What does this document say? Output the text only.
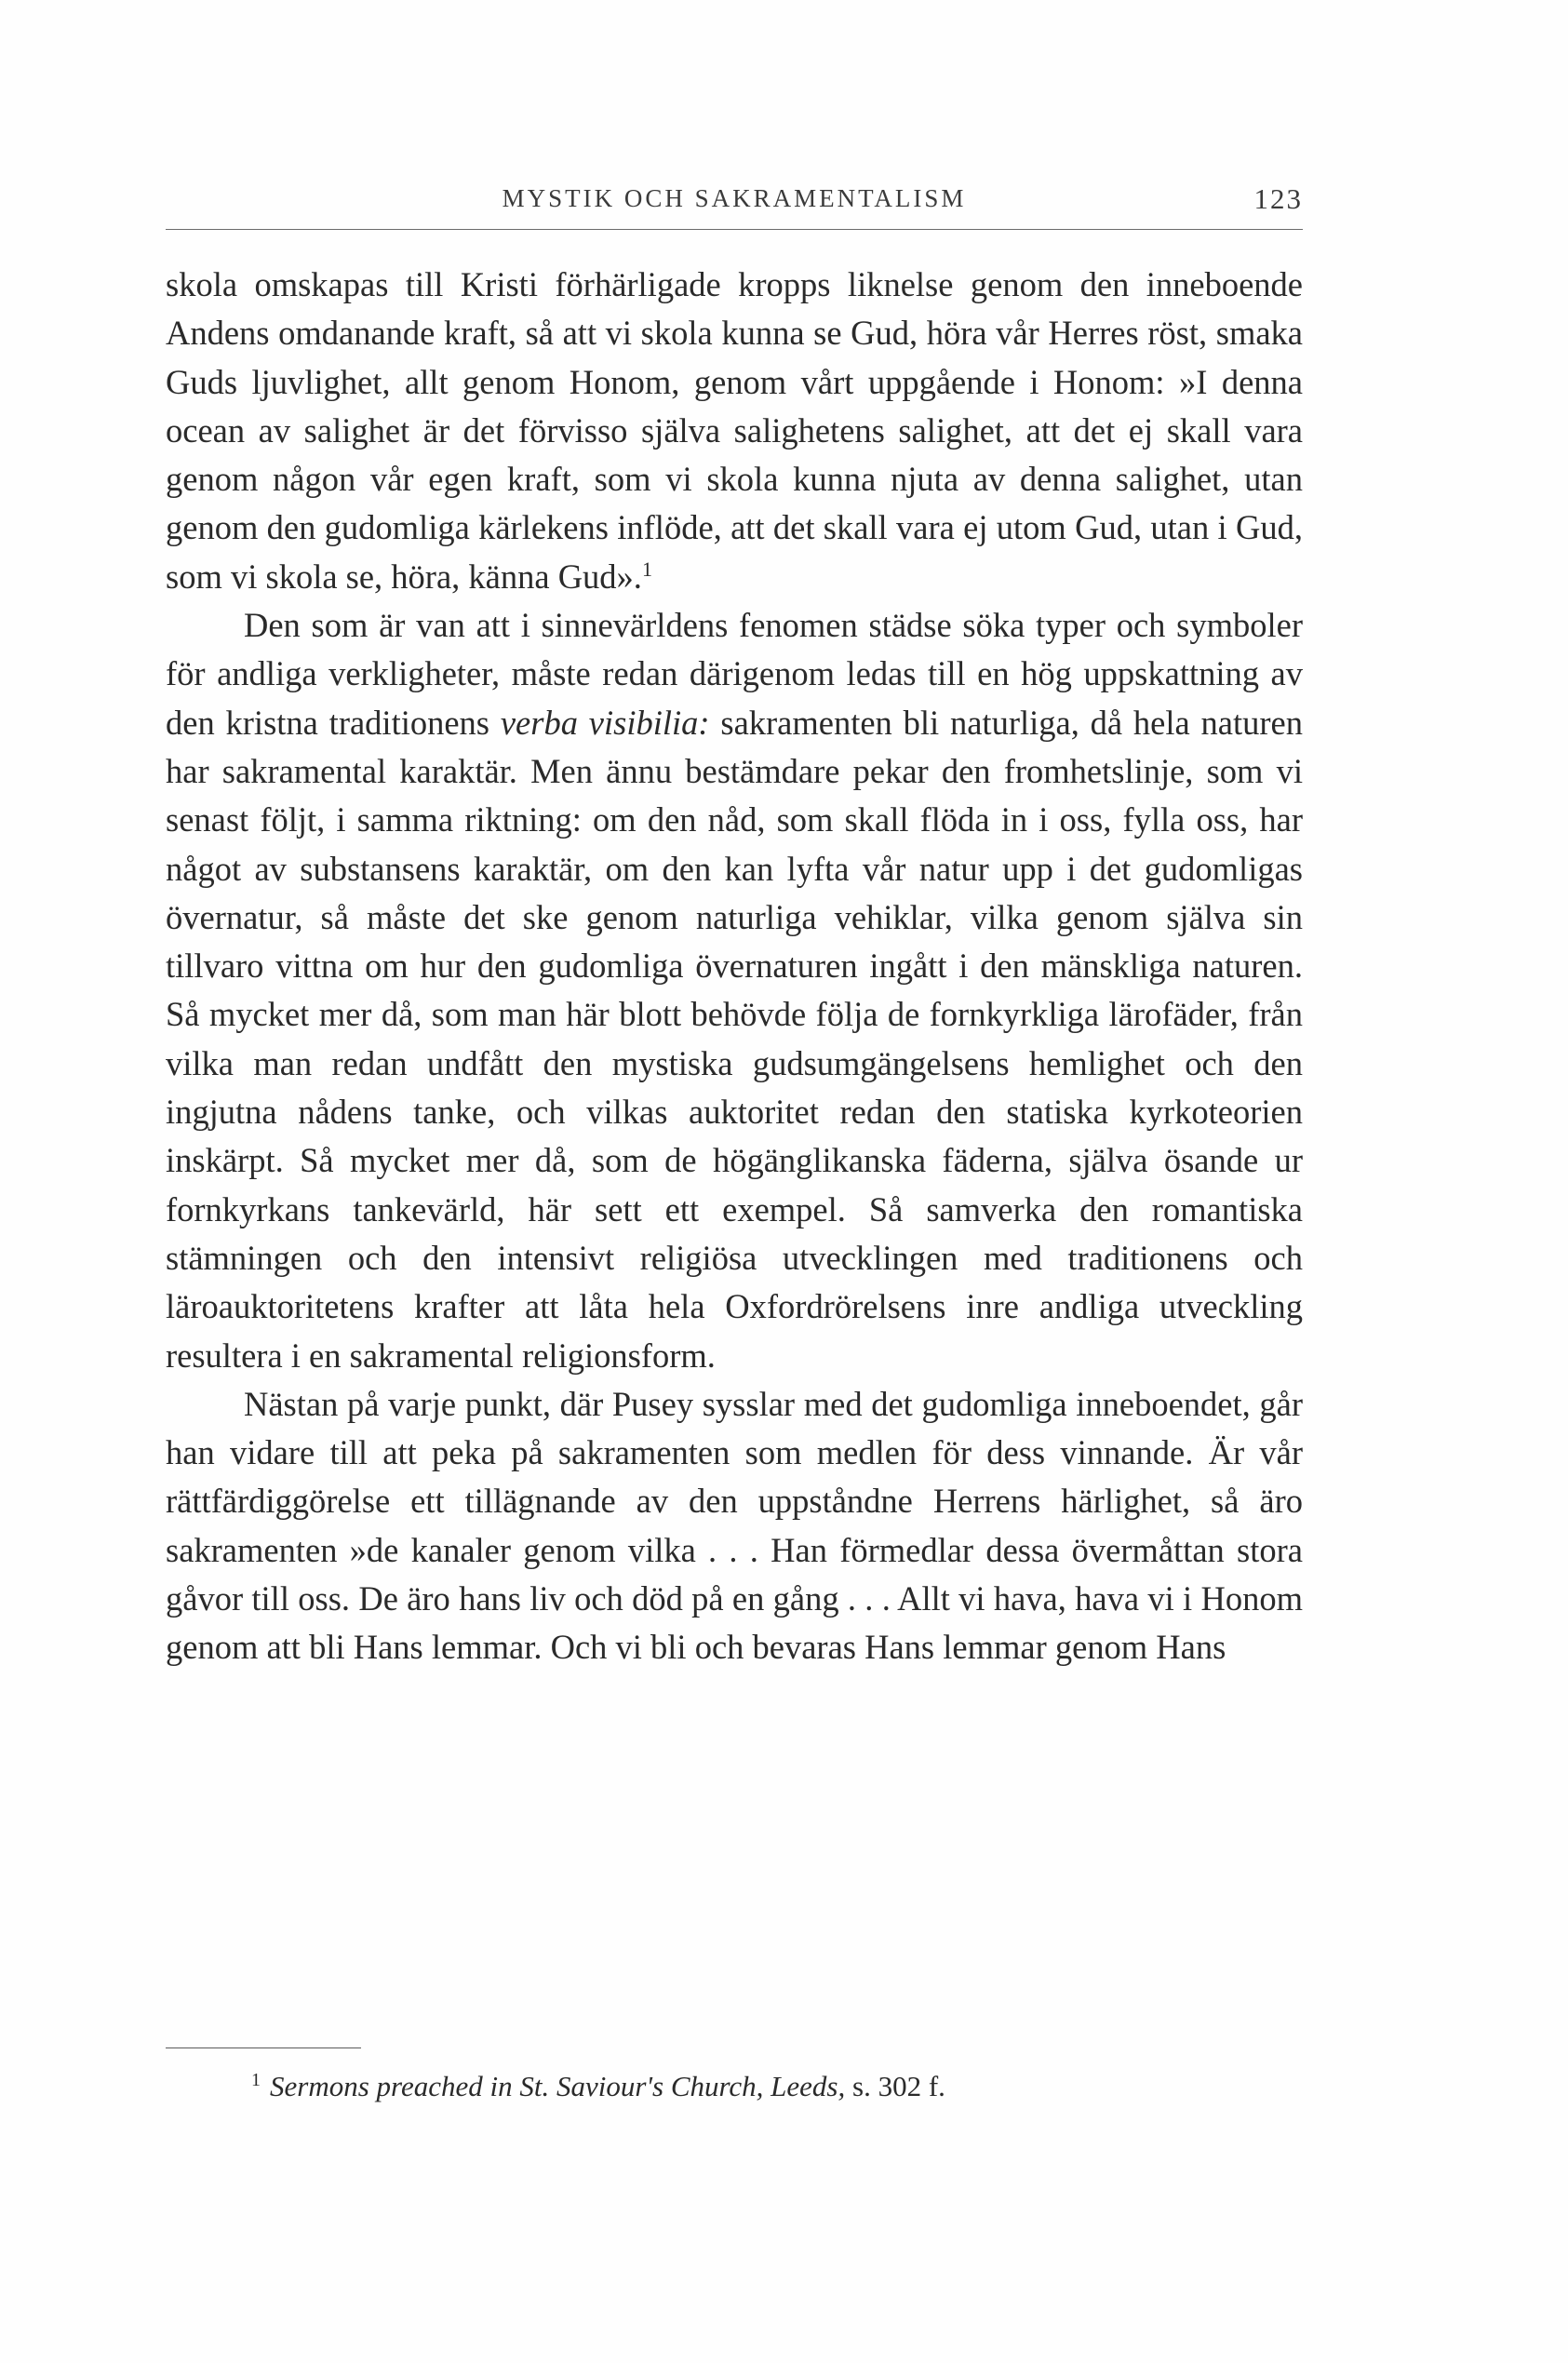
MYSTIK OCH SAKRAMENTALISM	123

skola omskapas till Kristi förhärligade kropps liknelse genom den inneboende Andens omdanande kraft, så att vi skola kunna se Gud, höra vår Herres röst, smaka Guds ljuvlighet, allt genom Honom, genom vårt uppgående i Honom: »I denna ocean av salighet är det förvisso själva salighetens salighet, att det ej skall vara genom någon vår egen kraft, som vi skola kunna njuta av denna salighet, utan genom den gudomliga kärlekens inflöde, att det skall vara ej utom Gud, utan i Gud, som vi skola se, höra, känna Gud».$^1$

Den som är van att i sinnevärldens fenomen städse söka typer och symboler för andliga verkligheter, måste redan därigenom ledas till en hög uppskattning av den kristna traditionens verba visibilia: sakramenten bli naturliga, då hela naturen har sakramental karaktär. Men ännu bestämdare pekar den fromhetslinje, som vi senast följt, i samma riktning: om den nåd, som skall flöda in i oss, fylla oss, har något av substansens karaktär, om den kan lyfta vår natur upp i det gudomligas övernatur, så måste det ske genom naturliga vehiklar, vilka genom själva sin tillvaro vittna om hur den gudomliga övernaturen ingått i den mänskliga naturen. Så mycket mer då, som man här blott behövde följa de fornkyrkliga lärofäder, från vilka man redan undfått den mystiska gudsumgängelsens hemlighet och den ingjutna nådens tanke, och vilkas auktoritet redan den statiska kyrkoteorien inskärpt. Så mycket mer då, som de högänglikanska fäderna, själva ösande ur fornkyrkans tankevärld, här sett ett exempel. Så samverka den romantiska stämningen och den intensivt religiösa utvecklingen med traditionens och läroauktoritetens krafter att låta hela Oxfordrörelsens inre andliga utveckling resultera i en sakramental religionsform.

Nästan på varje punkt, där Pusey sysslar med det gudomliga inneboendet, går han vidare till att peka på sakramenten som medlen för dess vinnande. Är vår rättfärdiggörelse ett tillägnande av den uppståndne Herrens härlighet, så äro sakramenten »de kanaler genom vilka . . . Han förmedlar dessa övermåttan stora gåvor till oss. De äro hans liv och död på en gång . . . Allt vi hava, hava vi i Honom genom att bli Hans lemmar. Och vi bli och bevaras Hans lemmar genom Hans

$^1$ Sermons preached in St. Saviour's Church, Leeds, s. 302 f.
